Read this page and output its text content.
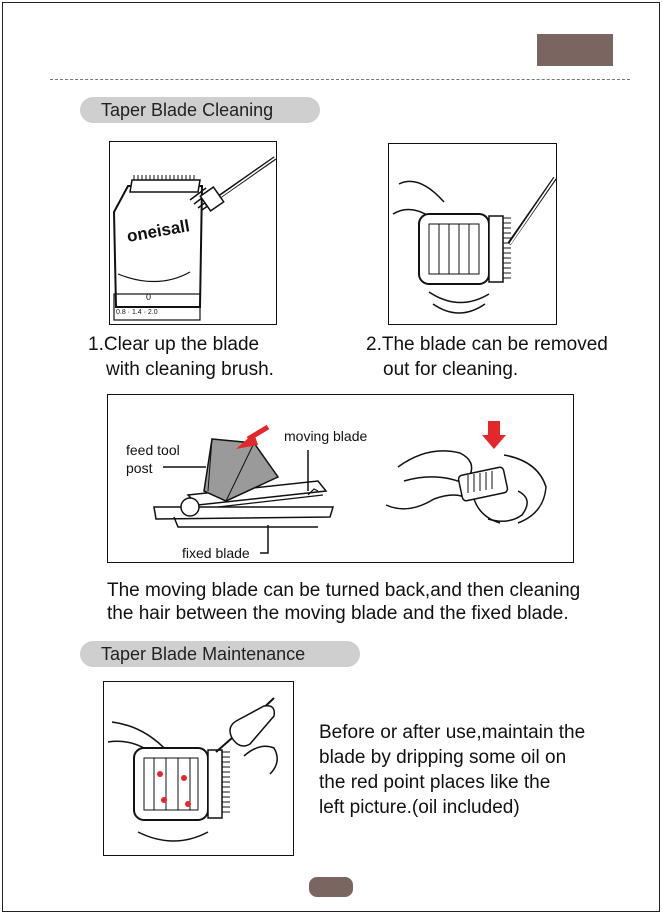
Taper Blade Cleaning
oneisall
0
0.8 · 1.4 · 2.0
1.Clear up the blade
with cleaning brush.
2.The blade can be removed
out for cleaning.
feed tool
post
moving blade
fixed blade
The moving blade can be turned back,and then cleaning
the hair between the moving blade and the fixed blade.
Taper Blade Maintenance
Before or after use,maintain the
blade by dripping some oil on
the red point places like the
left picture.(oil included)
